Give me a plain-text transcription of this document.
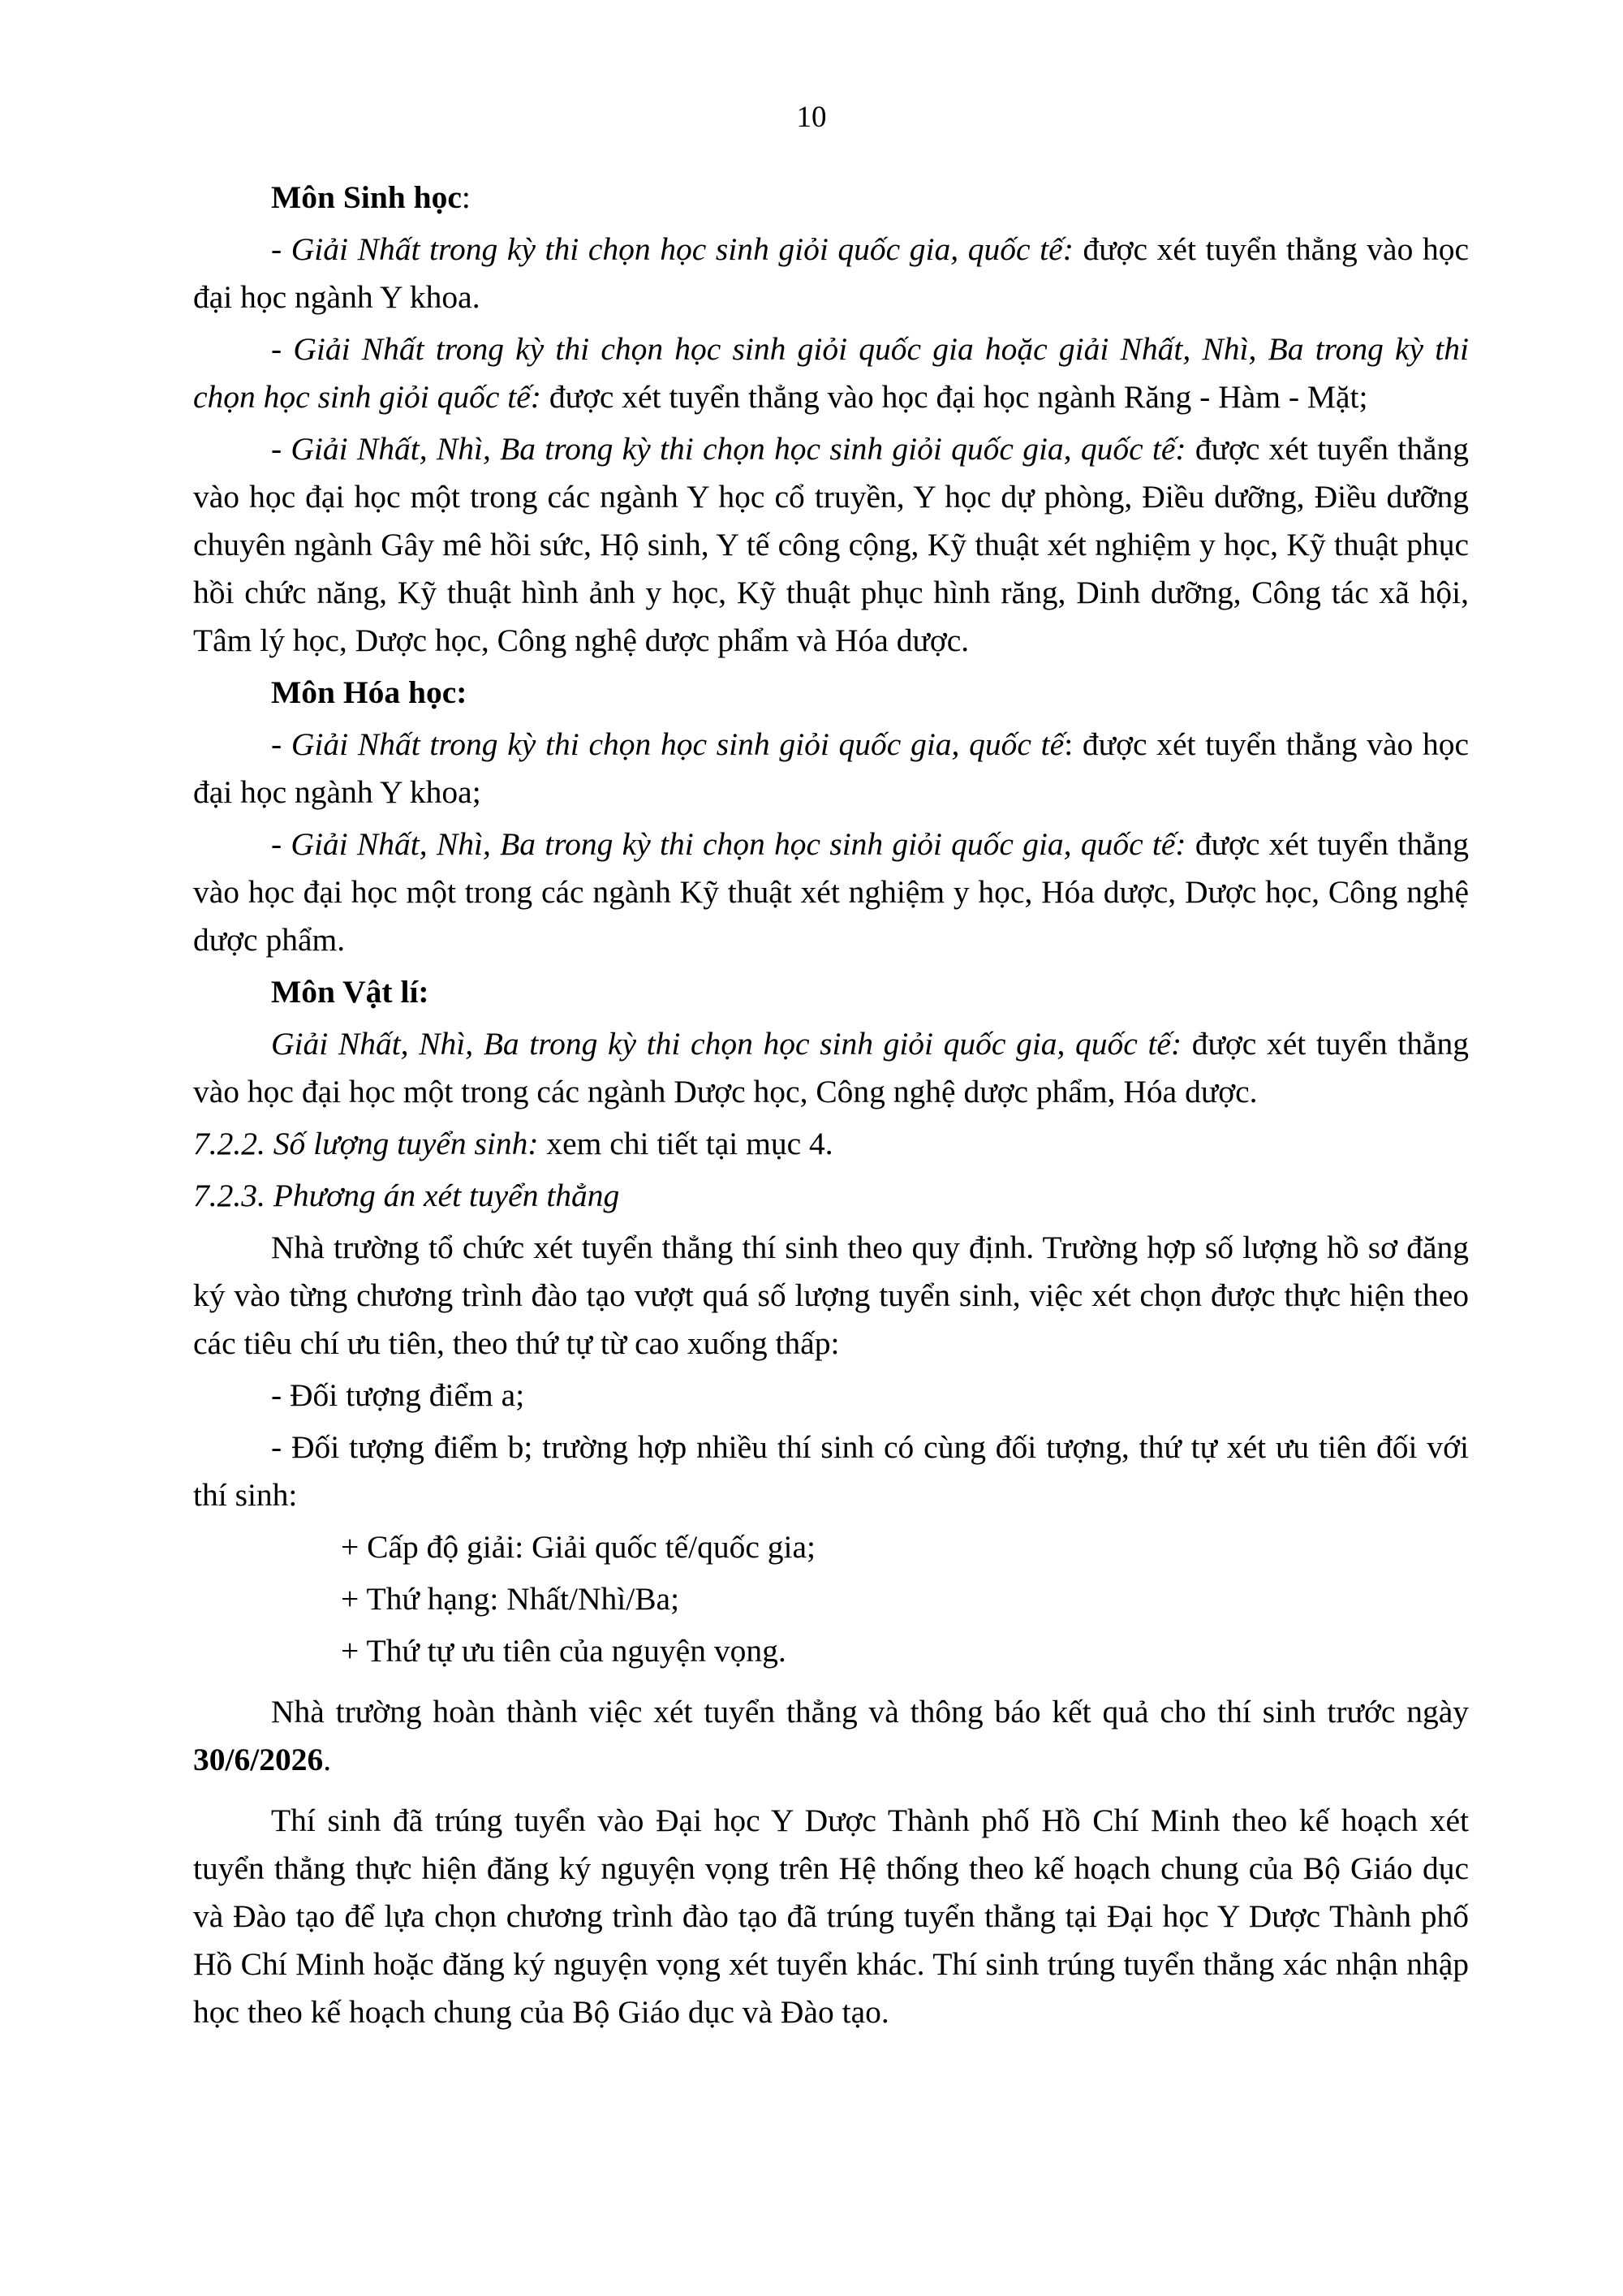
10

Môn Sinh học:

- Giải Nhất trong kỳ thi chọn học sinh giỏi quốc gia, quốc tế: được xét tuyển thẳng vào học đại học ngành Y khoa.

- Giải Nhất trong kỳ thi chọn học sinh giỏi quốc gia hoặc giải Nhất, Nhì, Ba trong kỳ thi chọn học sinh giỏi quốc tế: được xét tuyển thẳng vào học đại học ngành Răng - Hàm - Mặt;

- Giải Nhất, Nhì, Ba trong kỳ thi chọn học sinh giỏi quốc gia, quốc tế: được xét tuyển thẳng vào học đại học một trong các ngành Y học cổ truyền, Y học dự phòng, Điều dưỡng, Điều dưỡng chuyên ngành Gây mê hồi sức, Hộ sinh, Y tế công cộng, Kỹ thuật xét nghiệm y học, Kỹ thuật phục hồi chức năng, Kỹ thuật hình ảnh y học, Kỹ thuật phục hình răng, Dinh dưỡng, Công tác xã hội, Tâm lý học, Dược học, Công nghệ dược phẩm và Hóa dược.

Môn Hóa học:

- Giải Nhất trong kỳ thi chọn học sinh giỏi quốc gia, quốc tế: được xét tuyển thẳng vào học đại học ngành Y khoa;

- Giải Nhất, Nhì, Ba trong kỳ thi chọn học sinh giỏi quốc gia, quốc tế: được xét tuyển thẳng vào học đại học một trong các ngành Kỹ thuật xét nghiệm y học, Hóa dược, Dược học, Công nghệ dược phẩm.

Môn Vật lí:

Giải Nhất, Nhì, Ba trong kỳ thi chọn học sinh giỏi quốc gia, quốc tế: được xét tuyển thẳng vào học đại học một trong các ngành Dược học, Công nghệ dược phẩm, Hóa dược.

7.2.2. Số lượng tuyển sinh: xem chi tiết tại mục 4.

7.2.3. Phương án xét tuyển thẳng

Nhà trường tổ chức xét tuyển thẳng thí sinh theo quy định. Trường hợp số lượng hồ sơ đăng ký vào từng chương trình đào tạo vượt quá số lượng tuyển sinh, việc xét chọn được thực hiện theo các tiêu chí ưu tiên, theo thứ tự từ cao xuống thấp:

- Đối tượng điểm a;

- Đối tượng điểm b; trường hợp nhiều thí sinh có cùng đối tượng, thứ tự xét ưu tiên đối với thí sinh:

+ Cấp độ giải: Giải quốc tế/quốc gia;

+ Thứ hạng: Nhất/Nhì/Ba;

+ Thứ tự ưu tiên của nguyện vọng.

Nhà trường hoàn thành việc xét tuyển thẳng và thông báo kết quả cho thí sinh trước ngày 30/6/2026.

Thí sinh đã trúng tuyển vào Đại học Y Dược Thành phố Hồ Chí Minh theo kế hoạch xét tuyển thẳng thực hiện đăng ký nguyện vọng trên Hệ thống theo kế hoạch chung của Bộ Giáo dục và Đào tạo để lựa chọn chương trình đào tạo đã trúng tuyển thẳng tại Đại học Y Dược Thành phố Hồ Chí Minh hoặc đăng ký nguyện vọng xét tuyển khác. Thí sinh trúng tuyển thẳng xác nhận nhập học theo kế hoạch chung của Bộ Giáo dục và Đào tạo.
